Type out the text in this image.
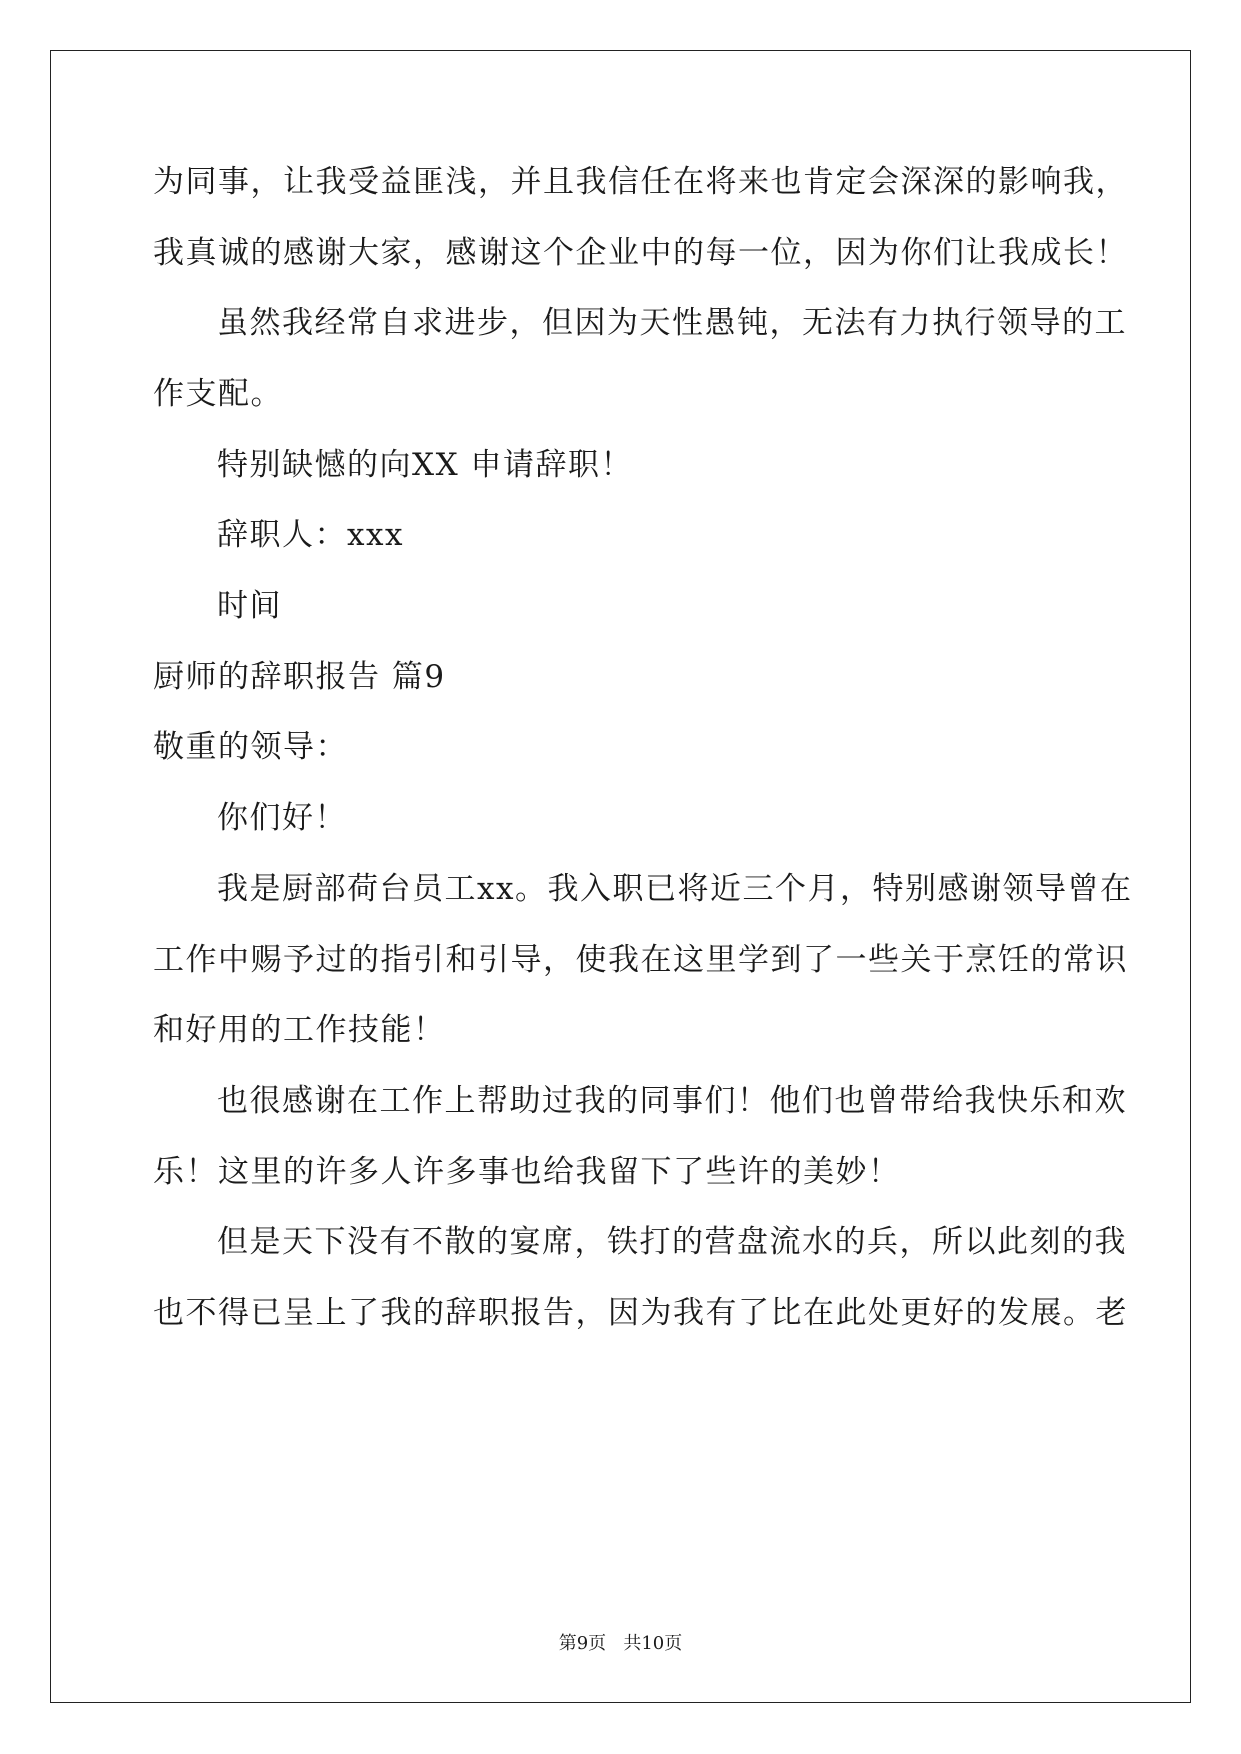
为同事，让我受益匪浅，并且我信任在将来也肯定会深深的影响我，
我真诚的感谢大家，感谢这个企业中的每一位，因为你们让我成长！
虽然我经常自求进步，但因为天性愚钝，无法有力执行领导的工
作支配。
特别缺憾的向XX 申请辞职！
辞职人：xxx
时间
厨师的辞职报告 篇9
敬重的领导：
你们好！
我是厨部荷台员工xx。我入职已将近三个月，特别感谢领导曾在
工作中赐予过的指引和引导，使我在这里学到了一些关于烹饪的常识
和好用的工作技能！
也很感谢在工作上帮助过我的同事们！他们也曾带给我快乐和欢
乐！这里的许多人许多事也给我留下了些许的美妙！
但是天下没有不散的宴席，铁打的营盘流水的兵，所以此刻的我
也不得已呈上了我的辞职报告，因为我有了比在此处更好的发展。老
第9页   共10页
